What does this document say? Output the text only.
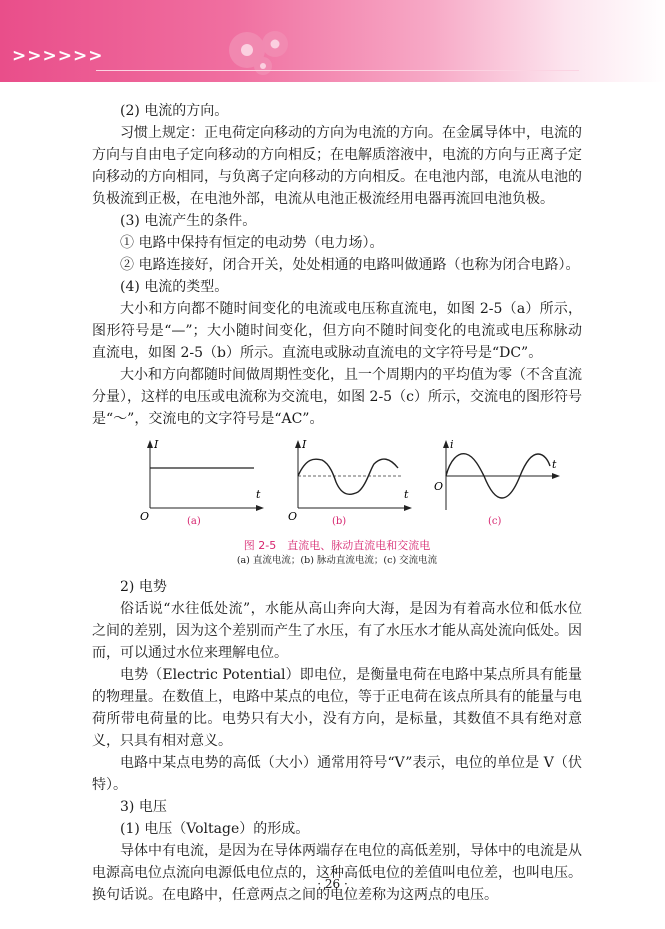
>>>>>>

(2) 电流的方向。

习惯上规定：正电荷定向移动的方向为电流的方向。在金属导体中，电流的方向与自由电子定向移动的方向相反；在电解质溶液中，电流的方向与正离子定向移动的方向相同，与负离子定向移动的方向相反。在电池内部，电流从电池的负极流到正极，在电池外部，电流从电池正极流经用电器再流回电池负极。

(3) 电流产生的条件。

① 电路中保持有恒定的电动势（电力场）。

② 电路连接好，闭合开关，处处相通的电路叫做通路（也称为闭合电路）。

(4) 电流的类型。

大小和方向都不随时间变化的电流或电压称直流电，如图 2-5（a）所示，图形符号是“—”；大小随时间变化，但方向不随时间变化的电流或电压称脉动直流电，如图 2-5（b）所示。直流电或脉动直流电的文字符号是“DC”。

大小和方向都随时间做周期性变化，且一个周期内的平均值为零（不含直流分量），这样的电压或电流称为交流电，如图 2-5（c）所示，交流电的图形符号是“～”，交流电的文字符号是“AC”。

O
I
t
(a)	O
I
t
(b)
O
i
t
(c)
图 2-5　直流电、脉动直流电和交流电
(a) 直流电流；(b) 脉动直流电流；(c) 交流电流

2) 电势

俗话说“水往低处流”，水能从高山奔向大海，是因为有着高水位和低水位之间的差别，因为这个差别而产生了水压，有了水压水才能从高处流向低处。因而，可以通过水位来理解电位。

电势（Electric Potential）即电位，是衡量电荷在电路中某点所具有能量的物理量。在数值上，电路中某点的电位，等于正电荷在该点所具有的能量与电荷所带电荷量的比。电势只有大小，没有方向，是标量，其数值不具有绝对意义，只具有相对意义。

电路中某点电势的高低（大小）通常用符号“V”表示，电位的单位是 V（伏特）。

3) 电压

(1) 电压（Voltage）的形成。

导体中有电流，是因为在导体两端存在电位的高低差别，导体中的电流是从电源高电位点流向电源低电位点的，这种高低电位的差值叫电位差，也叫电压。换句话说。在电路中，任意两点之间的电位差称为这两点的电压。

· 26 ·
